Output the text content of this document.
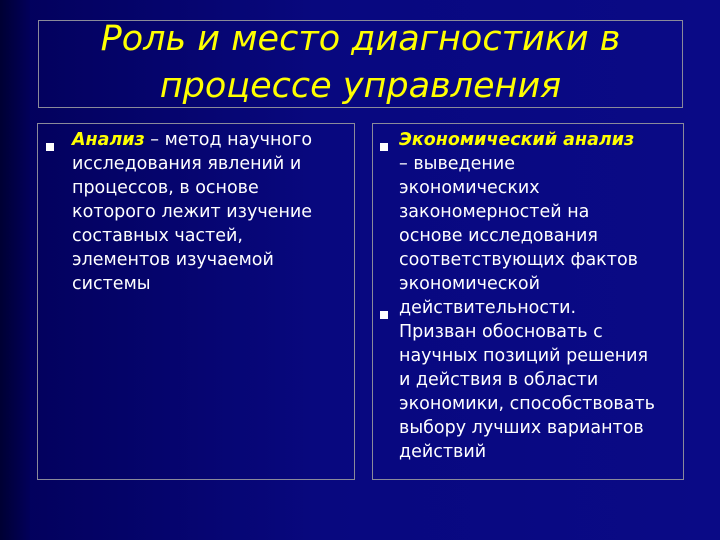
Роль и место диагностики в
процессе управления
Анализ – метод научного
исследования явлений и
процессов, в основе
которого лежит изучение
составных частей,
элементов изучаемой
системы
Экономический анализ
– выведение
экономических
закономерностей на
основе исследования
соответствующих фактов
экономической
действительности.
Призван обосновать с
научных позиций решения
и действия в области
экономики, способствовать
выбору лучших вариантов
действий
